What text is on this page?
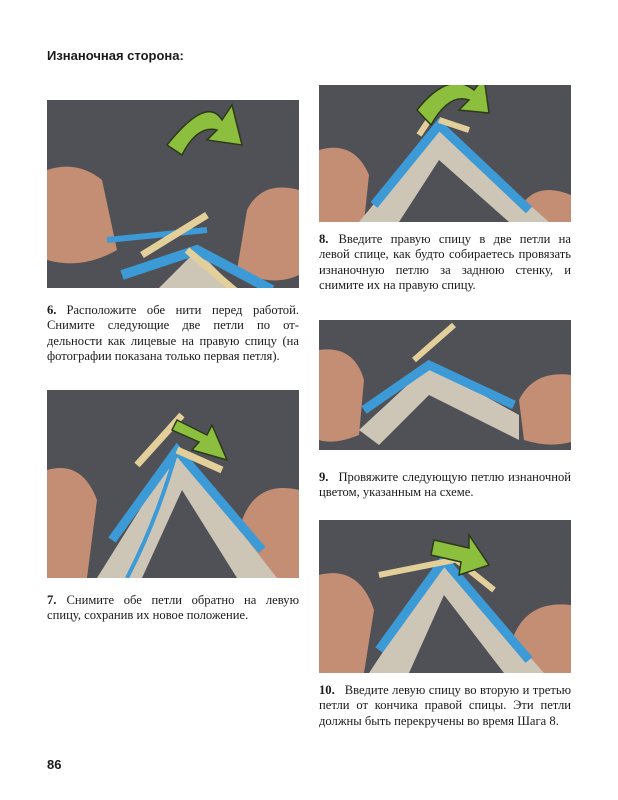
Изнаночная сторона:
6. Расположите обе нити перед работой. Снимите следующие две петли по отдельности как лицевые на правую спицу (на фотографии показана только первая петля).
7. Снимите обе петли обратно на левую спицу, сохранив их новое положение.
8. Введите правую спицу в две петли на левой спице, как будто собираетесь провязать изнаночную петлю за заднюю стенку, и снимите их на правую спицу.
9. Провяжите следующую петлю изнаночной цветом, указанным на схеме.
10. Введите левую спицу во вторую и третью петли от кончика правой спицы. Эти петли должны быть перекручены во время Шага 8.
86
